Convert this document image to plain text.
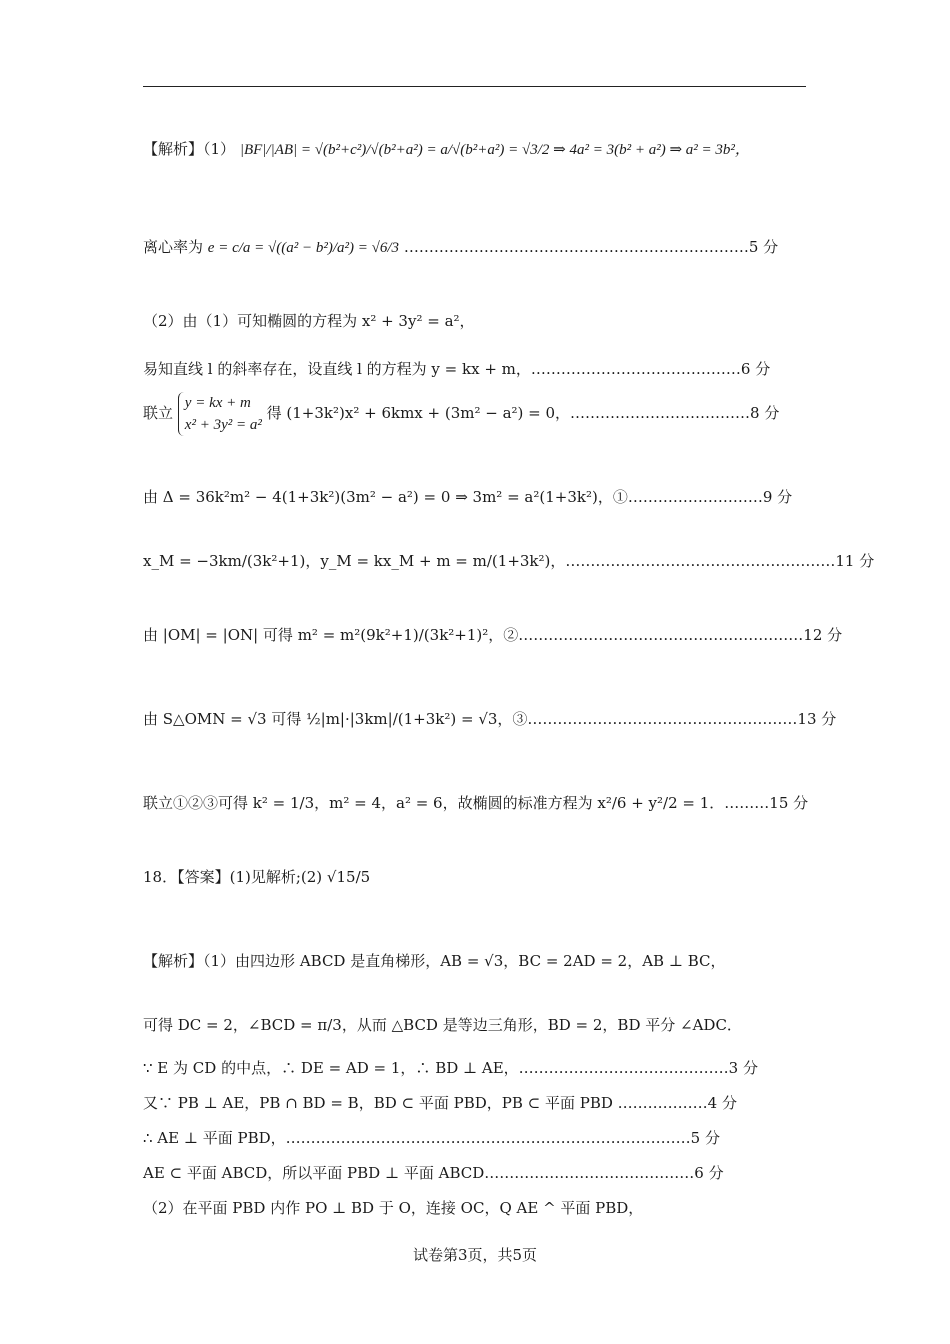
【解析】（1） |BF|/|AB| = √(b²+c²)/√(b²+a²) = a/√(b²+a²) = √3/2 ⇒ 4a² = 3(b² + a²) ⇒ a² = 3b²，
离心率为 e = c/a = √((a² − b²)/a²) = √6/3 ……………………………………………………………5 分
（2）由（1）可知椭圆的方程为 x² + 3y² = a²，
易知直线 l 的斜率存在，设直线 l 的方程为 y = kx + m，……………………………………6 分
联立
y = kx + m
x² + 3y² = a²
得 (1+3k²)x² + 6kmx + (3m² − a²) = 0，………………………………8 分
由 Δ = 36k²m² − 4(1+3k²)(3m² − a²) = 0 ⇒ 3m² = a²(1+3k²)，①………………………9 分
x_M = −3km/(3k²+1)，y_M = kx_M + m = m/(1+3k²)，………………………………………………11 分
由 |OM| = |ON| 可得 m² = m²(9k²+1)/(3k²+1)²，②…………………………………………………12 分
由 S△OMN = √3 可得 ½|m|·|3km|/(1+3k²) = √3，③………………………………………………13 分
联立①②③可得 k² = 1/3，m² = 4，a² = 6，故椭圆的标准方程为 x²/6 + y²/2 = 1．………15 分
18．【答案】(1)见解析;(2) √15/5
【解析】（1）由四边形 ABCD 是直角梯形，AB = √3，BC = 2AD = 2，AB ⊥ BC，
可得 DC = 2，∠BCD = π/3，从而 △BCD 是等边三角形，BD = 2，BD 平分 ∠ADC．
∵ E 为 CD 的中点，∴ DE = AD = 1，∴ BD ⊥ AE，……………………………………3 分
又∵ PB ⊥ AE，PB ∩ BD = B，BD ⊂ 平面 PBD，PB ⊂ 平面 PBD ………………4 分
∴ AE ⊥ 平面 PBD，………………………………………………………………………5 分
AE ⊂ 平面 ABCD，所以平面 PBD ⊥ 平面 ABCD……………………………………6 分
（2）在平面 PBD 内作 PO ⊥ BD 于 O，连接 OC，Q AE ^ 平面 PBD，
试卷第3页，共5页
